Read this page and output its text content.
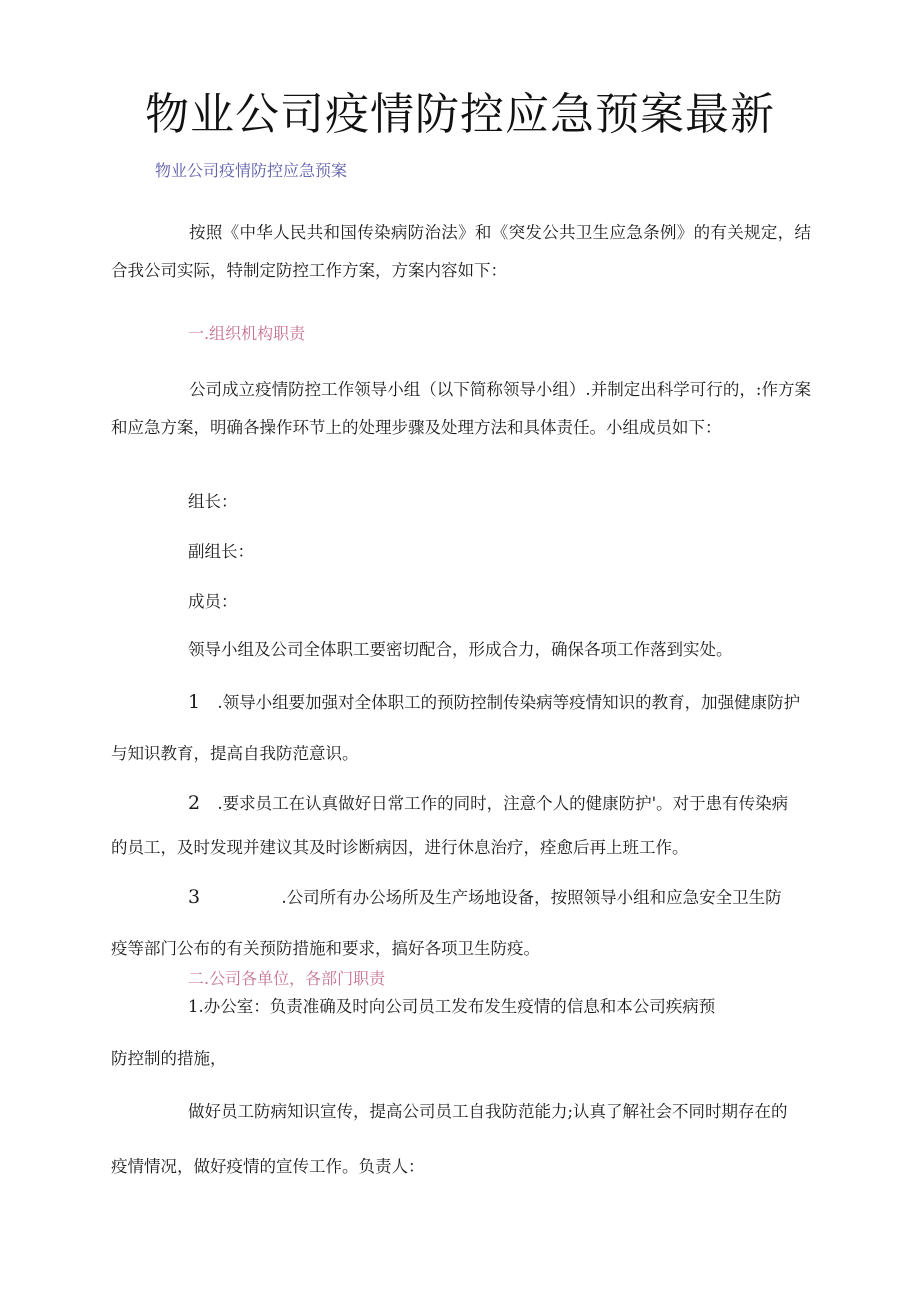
物业公司疫情防控应急预案最新
物业公司疫情防控应急预案

按照《中华人民共和国传染病防治法》和《突发公共卫生应急条例》的有关规定，结合我公司实际，特制定防控工作方案，方案内容如下：

一.组织机构职责

公司成立疫情防控工作领导小组（以下简称领导小组）.并制定出科学可行的，:作方案和应急方案，明确各操作环节上的处理步骤及处理方法和具体责任。小组成员如下：

组长：
副组长：
成员：
领导小组及公司全体职工要密切配合，形成合力，确保各项工作落到实处。
1 .领导小组要加强对全体职工的预防控制传染病等疫情知识的教育，加强健康防护
与知识教育，提高自我防范意识。
2 .要求员工在认真做好日常工作的同时，注意个人的健康防护'。对于患有传染病
的员工，及时发现并建议其及时诊断病因，进行休息治疗，痊愈后再上班工作。
3	.公司所有办公场所及生产场地设备，按照领导小组和应急安全卫生防
疫等部门公布的有关预防措施和要求，搞好各项卫生防疫。
二.公司各单位，各部门职责
1.办公室：负责准确及时向公司员工发布发生疫情的信息和本公司疾病预
防控制的措施，
做好员工防病知识宣传，提高公司员工自我防范能力;认真了解社会不同时期存在的
疫情情况，做好疫情的宣传工作。负责人：
